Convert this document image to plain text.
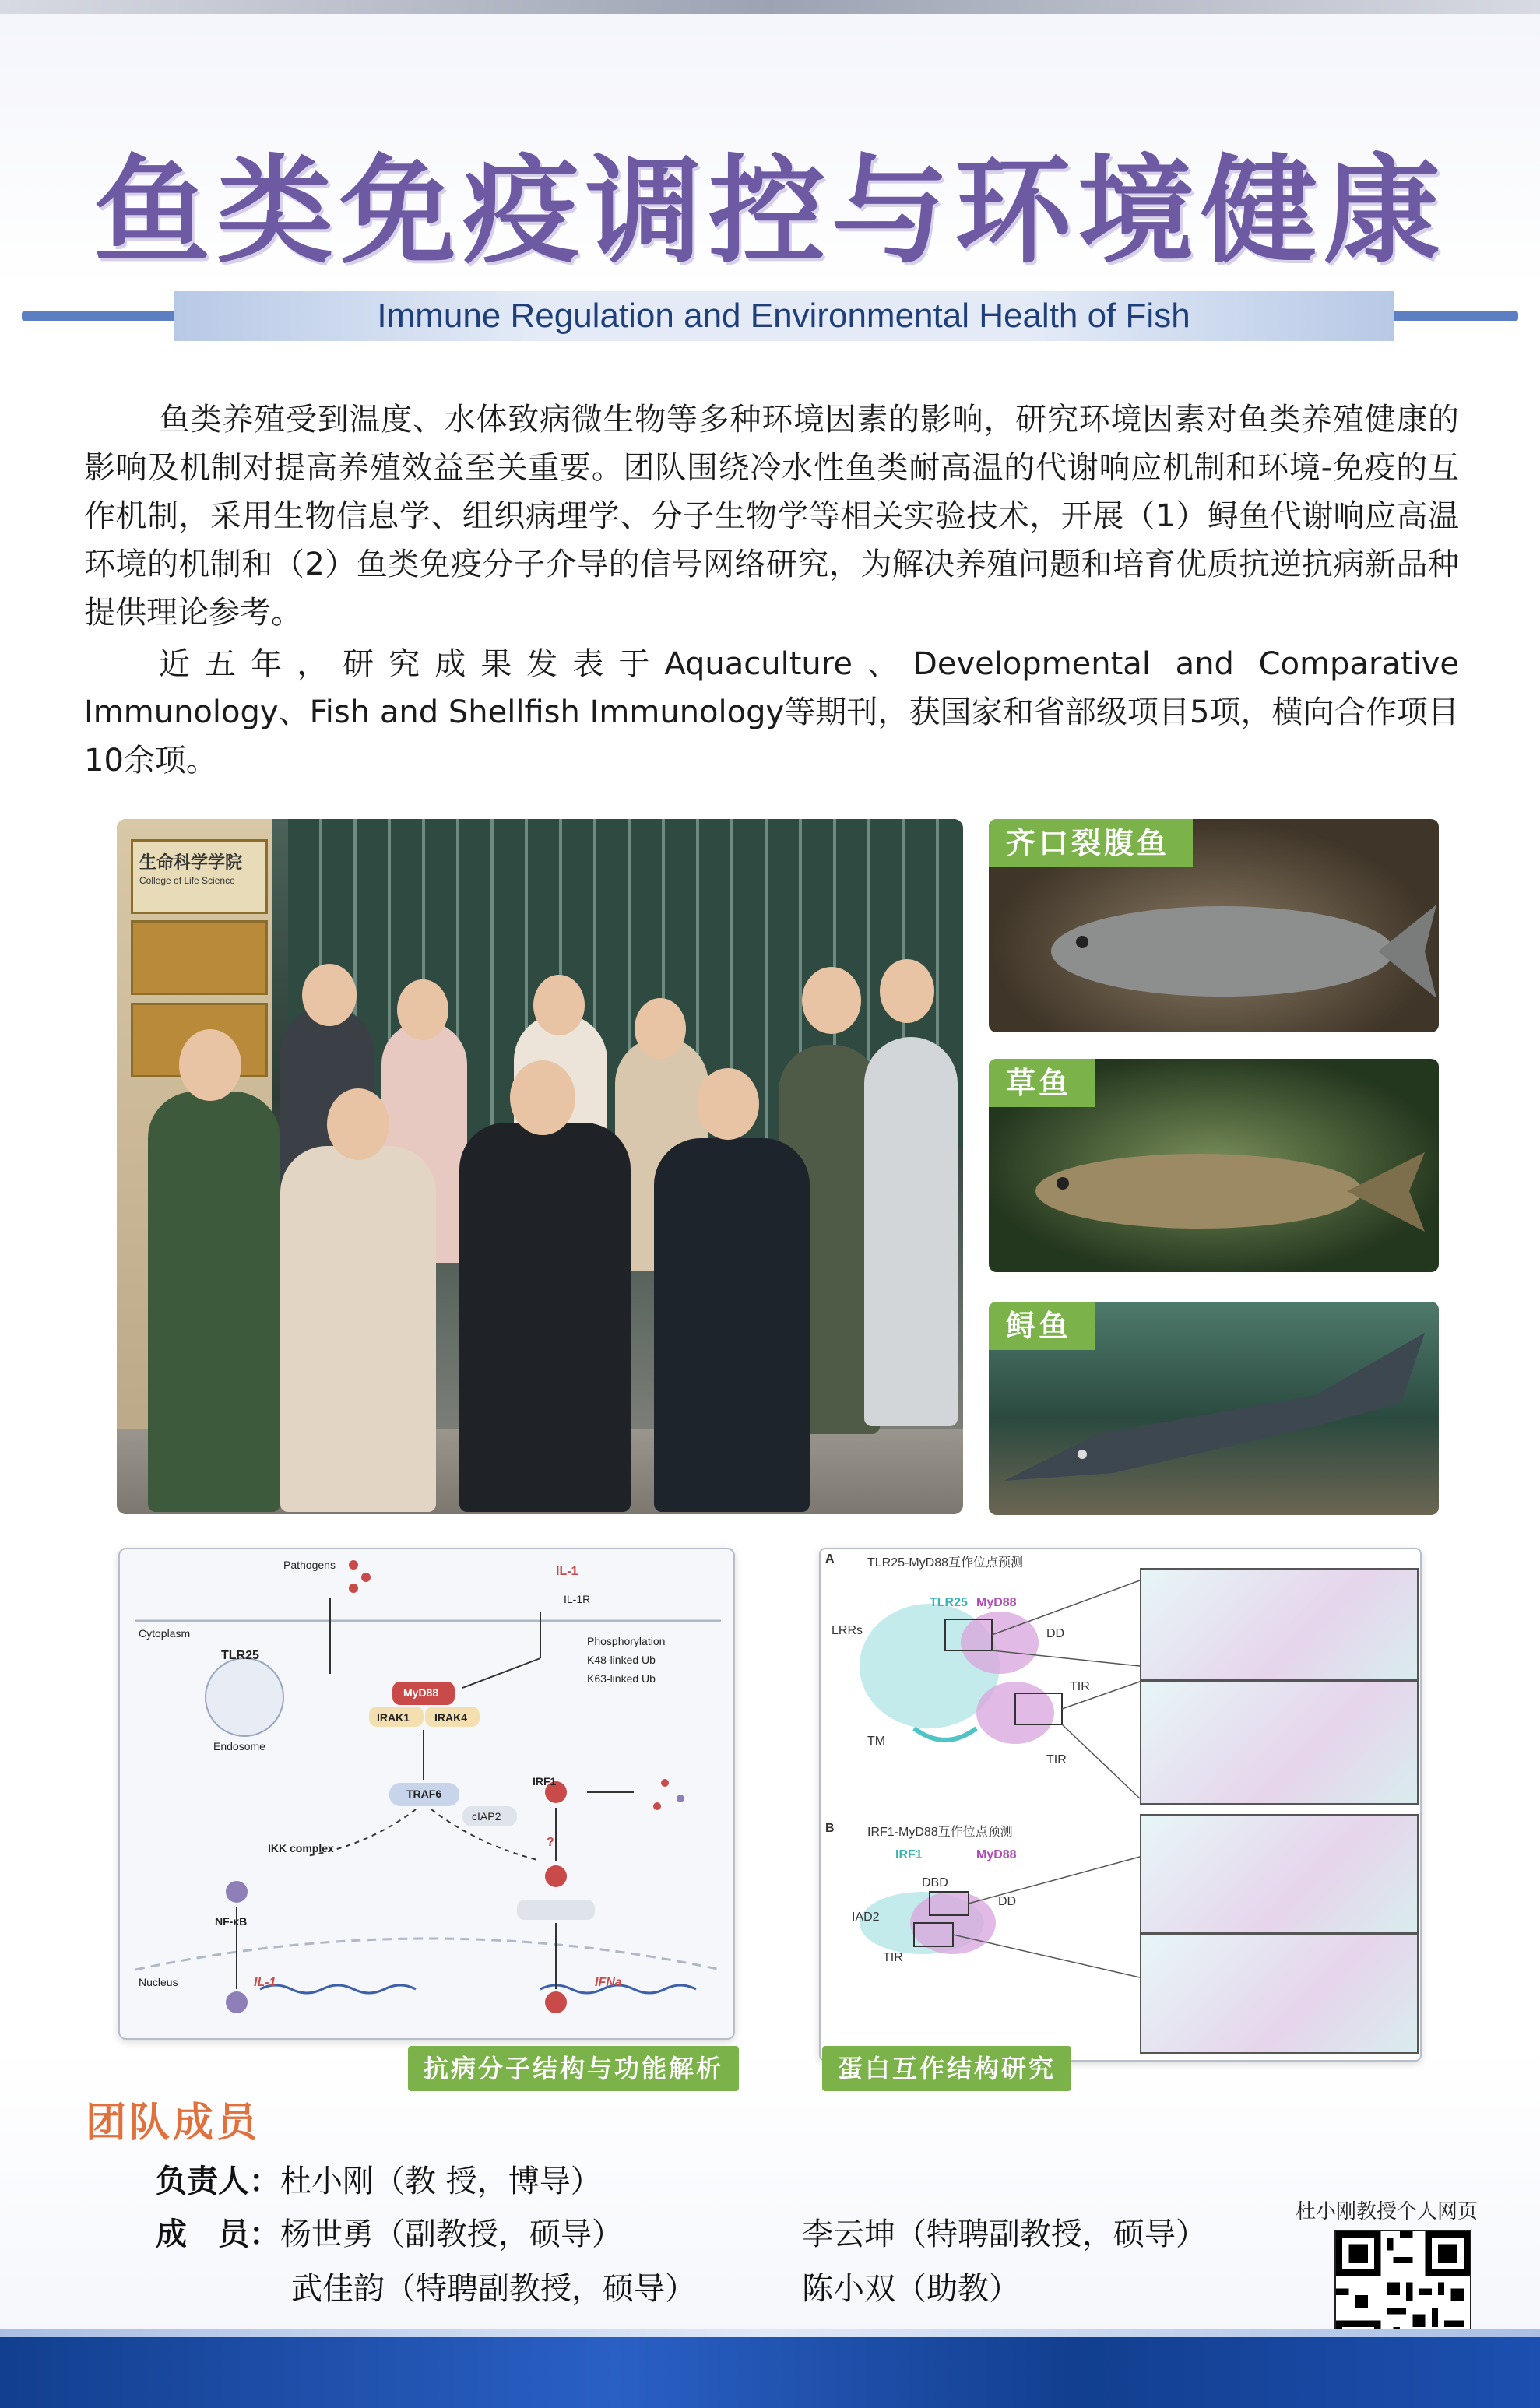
鱼类免疫调控与环境健康
Immune Regulation and Environmental Health of Fish
鱼类养殖受到温度、水体致病微生物等多种环境因素的影响，研究环境因素对鱼类养殖健康的影响及机制对提高养殖效益至关重要。团队围绕冷水性鱼类耐高温的代谢响应机制和环境-免疫的互作机制，采用生物信息学、组织病理学、分子生物学等相关实验技术，开展（1）鲟鱼代谢响应高温环境的机制和（2）鱼类免疫分子介导的信号网络研究，为解决养殖问题和培育优质抗逆抗病新品种提供理论参考。
近五年，研究成果发表于Aquaculture、Developmental and Comparative Immunology、Fish and Shellfish Immunology等期刊，获国家和省部级项目5项，横向合作项目10余项。
生命科学学院
College of Life Science
齐口裂腹鱼
草鱼
鲟鱼
Pathogens	IL-1
IL-1R
Cytoplasm
TLR25
Endosome
MyD88
IRAK1 IRAK4
TRAF6
cIAP2
IRF1
?
IKK complex
NF-κB
Nucleus	IL-1	IFNa
Phosphorylation
K48-linked Ub
K63-linked Ub
抗病分子结构与功能解析
A	TLR25-MyD88互作位点预测
B	IRF1-MyD88互作位点预测
TLR25 MyD88
LRRs	DD
TIR
TM
TIR
IRF1	MyD88
DBD
DD
IAD2
TIR
蛋白互作结构研究
团队成员
负责人：杜小刚（教 授，博导）
成　员：杨世勇（副教授，硕导）	李云坤（特聘副教授，硕导）
武佳韵（特聘副教授，硕导）	陈小双（助教）
杜小刚教授个人网页
